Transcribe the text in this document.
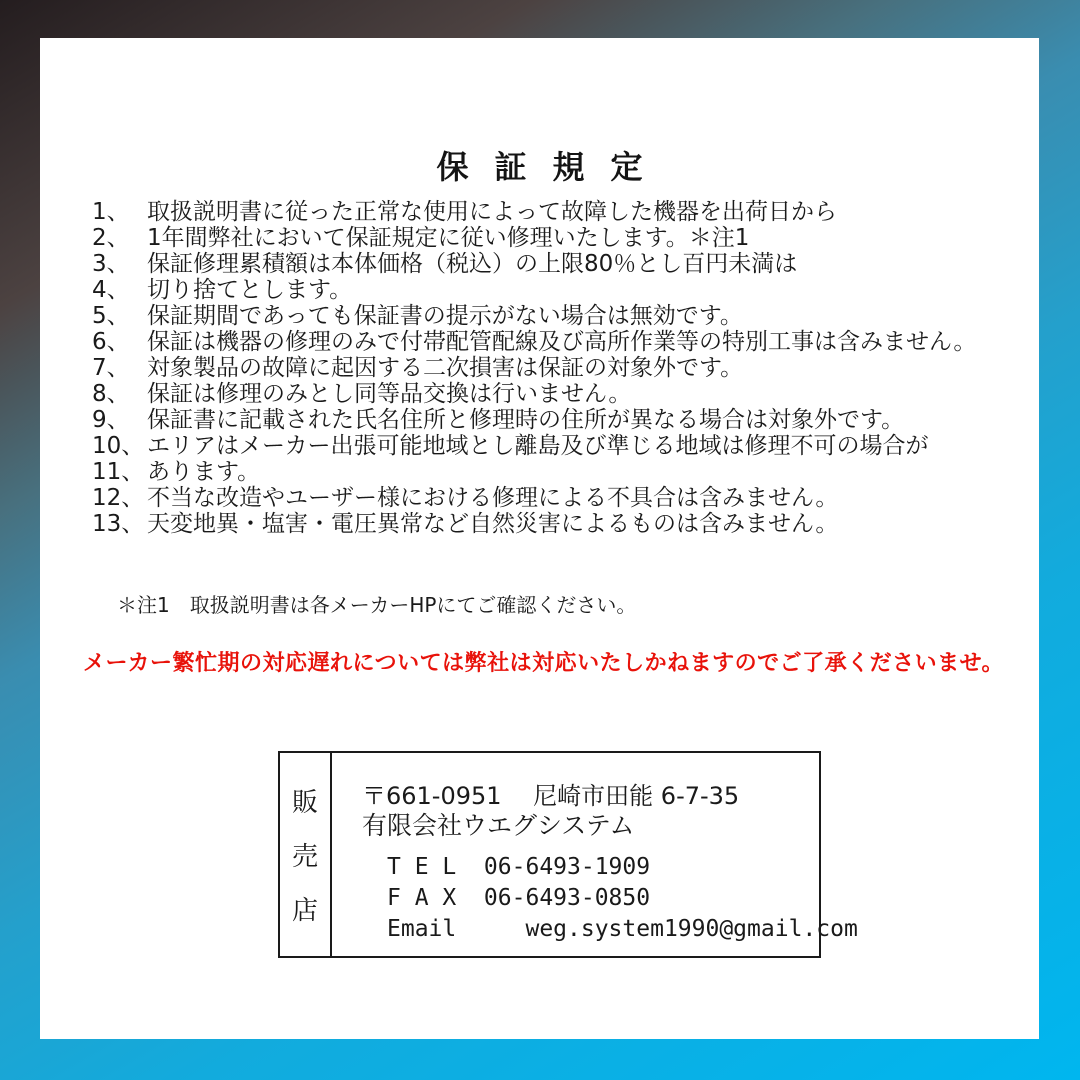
保証規定
1、 取扱説明書に従った正常な使用によって故障した機器を出荷日から
2、 1年間弊社において保証規定に従い修理いたします。＊注1
3、 保証修理累積額は本体価格（税込）の上限80％とし百円未満は
4、 切り捨てとします。
5、 保証期間であっても保証書の提示がない場合は無効です。
6、 保証は機器の修理のみで付帯配管配線及び高所作業等の特別工事は含みません。
7、 対象製品の故障に起因する二次損害は保証の対象外です。
8、 保証は修理のみとし同等品交換は行いません。
9、 保証書に記載された氏名住所と修理時の住所が異なる場合は対象外です。
10、 エリアはメーカー出張可能地域とし離島及び準じる地域は修理不可の場合が
11、 あります。
12、 不当な改造やユーザー様における修理による不具合は含みません。
13、 天変地異・塩害・電圧異常など自然災害によるものは含みません。
＊注1　取扱説明書は各メーカーHPにてご確認ください。
メーカー繁忙期の対応遅れについては弊社は対応いたしかねますのでご了承くださいませ。
販
売
店
〒661-0951　 尼崎市田能 6-7-35
有限会社ウエグシステム
T E L  06-6493-1909
F A X  06-6493-0850
Email     weg.system1990@gmail.com
